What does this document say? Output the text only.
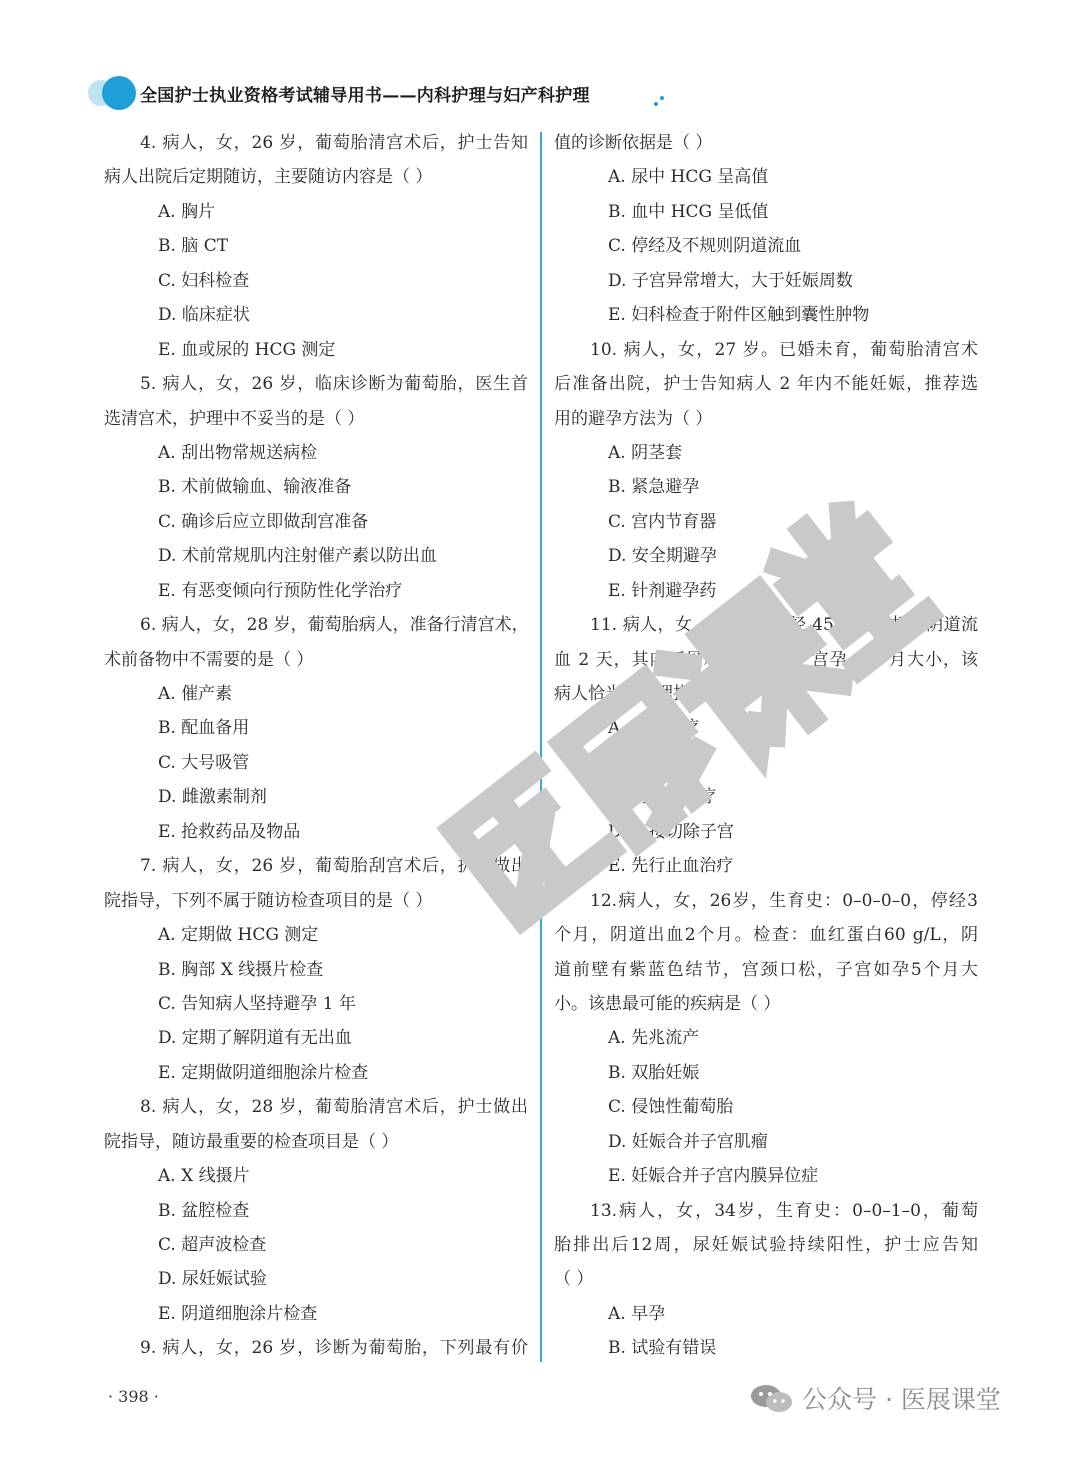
全国护士执业资格考试辅导用书——内科护理与妇产科护理
4. 病人，女，26 岁，葡萄胎清宫术后，护士告知
病人出院后定期随访，主要随访内容是（ ）
A. 胸片
B. 脑 CT
C. 妇科检查
D. 临床症状
E. 血或尿的 HCG 测定
5. 病人，女，26 岁，临床诊断为葡萄胎，医生首
选清宫术，护理中不妥当的是（ ）
A. 刮出物常规送病检
B. 术前做输血、输液准备
C. 确诊后应立即做刮宫准备
D. 术前常规肌内注射催产素以防出血
E. 有恶变倾向行预防性化学治疗
6. 病人，女，28 岁，葡萄胎病人，准备行清宫术，
术前备物中不需要的是（ ）
A. 催产素
B. 配血备用
C. 大号吸管
D. 雌激素制剂
E. 抢救药品及物品
7. 病人，女，26 岁，葡萄胎刮宫术后，护士做出
院指导，下列不属于随访检查项目的是（ ）
A. 定期做 HCG 测定
B. 胸部 X 线摄片检查
C. 告知病人坚持避孕 1 年
D. 定期了解阴道有无出血
E. 定期做阴道细胞涂片检查
8. 病人，女，28 岁，葡萄胎清宫术后，护士做出
院指导，随访最重要的检查项目是（ ）
A. X 线摄片
B. 盆腔检查
C. 超声波检查
D. 尿妊娠试验
E. 阴道细胞涂片检查
9. 病人，女，26 岁，诊断为葡萄胎，下列最有价
值的诊断依据是（ ）
A. 尿中 HCG 呈高值
B. 血中 HCG 呈低值
C. 停经及不规则阴道流血
D. 子宫异常增大，大于妊娠周数
E. 妇科检查于附件区触到囊性肿物
10. 病人，女，27 岁。已婚未育，葡萄胎清宫术
后准备出院，护士告知病人 2 年内不能妊娠，推荐选
用的避孕方法为（ ）
A. 阴茎套
B. 紧急避孕
C. 宫内节育器
D. 安全期避孕
E. 针剂避孕药
11. 病人，女，45 岁，停经 45 天，不规则阴道流
血 2 天，其内可见水泡状物，子宫孕 4 个月大小，该
病人恰当的处理措施是（ ）
A. 直接化疗
B. 切除附件
C. 清宫后放疗
D. 直接切除子宫
E. 先行止血治疗
12.病人，女，26岁，生育史：0–0–0–0，停经3
个月，阴道出血2个月。检查：血红蛋白60 g/L，阴
道前壁有紫蓝色结节，宫颈口松，子宫如孕5个月大
小。该患最可能的疾病是（ ）
A. 先兆流产
B. 双胎妊娠
C. 侵蚀性葡萄胎
D. 妊娠合并子宫肌瘤
E. 妊娠合并子宫内膜异位症
13.病人，女，34岁，生育史：0–0–1–0，葡萄
胎排出后12周，尿妊娠试验持续阳性，护士应告知
（ ）
A. 早孕
B. 试验有错误
· 398 ·	公众号 · 医展课堂
